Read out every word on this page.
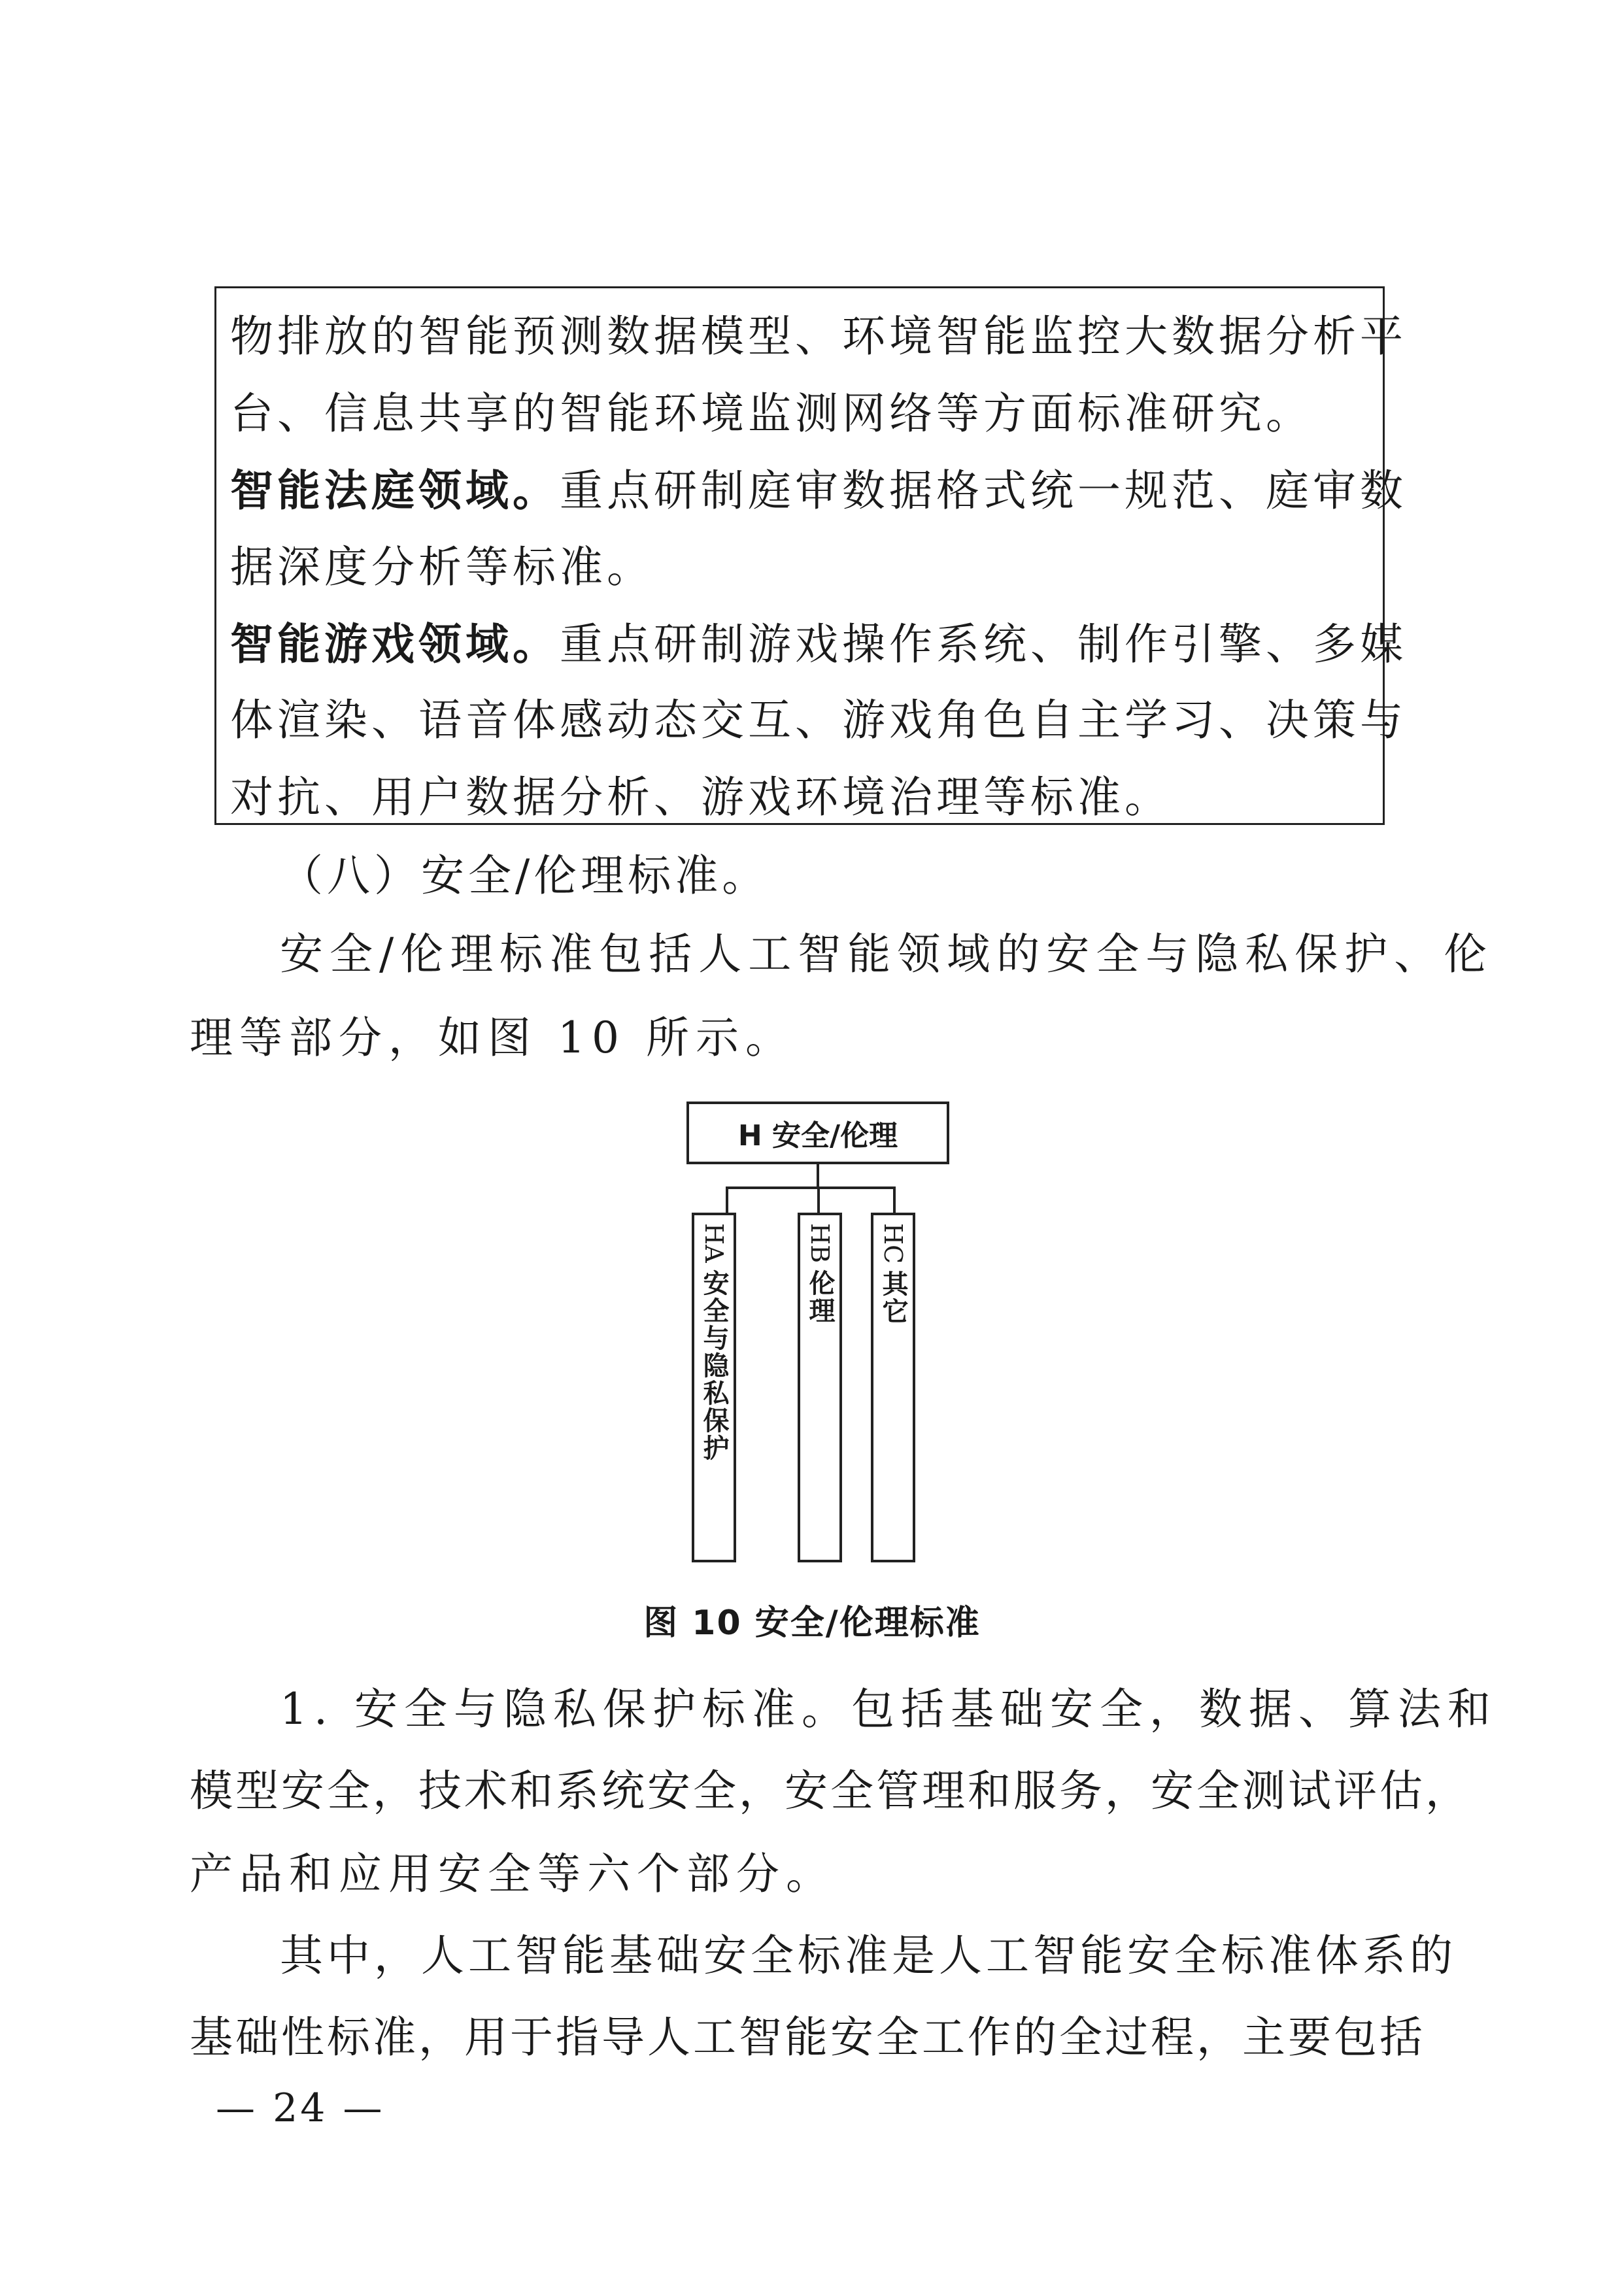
物排放的智能预测数据模型、环境智能监控大数据分析平
台、信息共享的智能环境监测网络等方面标准研究。
智能法庭领域。重点研制庭审数据格式统一规范、庭审数
据深度分析等标准。
智能游戏领域。重点研制游戏操作系统、制作引擎、多媒
体渲染、语音体感动态交互、游戏角色自主学习、决策与
对抗、用户数据分析、游戏环境治理等标准。
（八）安全/伦理标准。
安全/伦理标准包括人工智能领域的安全与隐私保护、伦
理等部分，如图 10 所示。
H 安全/伦理
HA
安全与隐私保护
HB
伦理
HC
其它
图 10 安全/伦理标准
1. 安全与隐私保护标准。包括基础安全，数据、算法和
模型安全，技术和系统安全，安全管理和服务，安全测试评估，
产品和应用安全等六个部分。
其中，人工智能基础安全标准是人工智能安全标准体系的
基础性标准，用于指导人工智能安全工作的全过程，主要包括
— 24 —
